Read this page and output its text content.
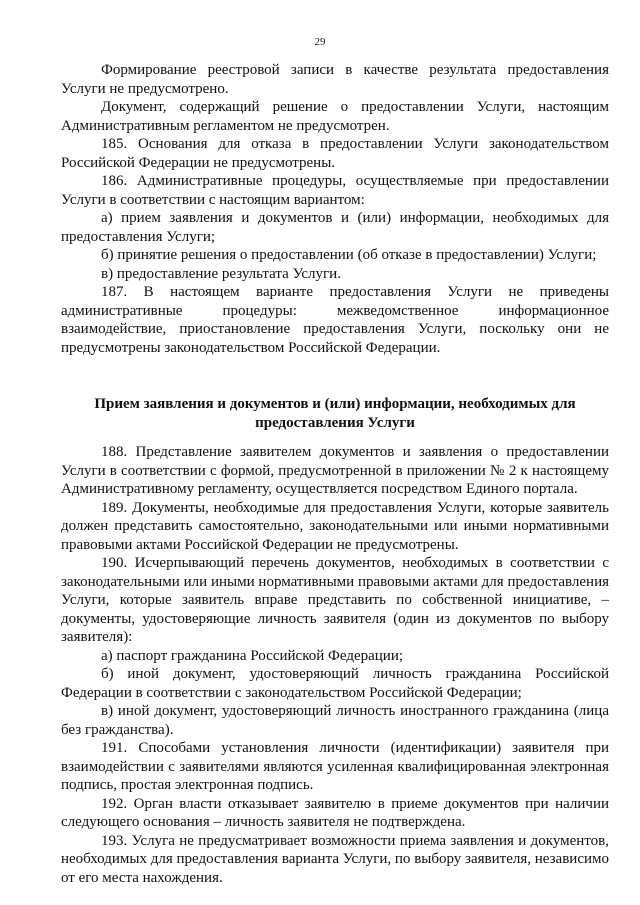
29

Формирование реестровой записи в качестве результата предоставления Услуги не предусмотрено.

Документ, содержащий решение о предоставлении Услуги, настоящим Административным регламентом не предусмотрен.

185. Основания для отказа в предоставлении Услуги законодательством Российской Федерации не предусмотрены.

186. Административные процедуры, осуществляемые при предоставлении Услуги в соответствии с настоящим вариантом:

а) прием заявления и документов и (или) информации, необходимых для предоставления Услуги;

б) принятие решения о предоставлении (об отказе в предоставлении) Услуги;

в) предоставление результата Услуги.

187. В настоящем варианте предоставления Услуги не приведены административные процедуры: межведомственное информационное взаимодействие, приостановление предоставления Услуги, поскольку они не предусмотрены законодательством Российской Федерации.

Прием заявления и документов и (или) информации, необходимых для предоставления Услуги

188. Представление заявителем документов и заявления о предоставлении Услуги в соответствии с формой, предусмотренной в приложении № 2 к настоящему Административному регламенту, осуществляется посредством Единого портала.

189. Документы, необходимые для предоставления Услуги, которые заявитель должен представить самостоятельно, законодательными или иными нормативными правовыми актами Российской Федерации не предусмотрены.

190. Исчерпывающий перечень документов, необходимых в соответствии с законодательными или иными нормативными правовыми актами для предоставления Услуги, которые заявитель вправе представить по собственной инициативе, – документы, удостоверяющие личность заявителя (один из документов по выбору заявителя):

а) паспорт гражданина Российской Федерации;

б) иной документ, удостоверяющий личность гражданина Российской Федерации в соответствии с законодательством Российской Федерации;

в) иной документ, удостоверяющий личность иностранного гражданина (лица без гражданства).

191. Способами установления личности (идентификации) заявителя при взаимодействии с заявителями являются усиленная квалифицированная электронная подпись, простая электронная подпись.

192. Орган власти отказывает заявителю в приеме документов при наличии следующего основания – личность заявителя не подтверждена.

193. Услуга не предусматривает возможности приема заявления и документов, необходимых для предоставления варианта Услуги, по выбору заявителя, независимо от его места нахождения.
